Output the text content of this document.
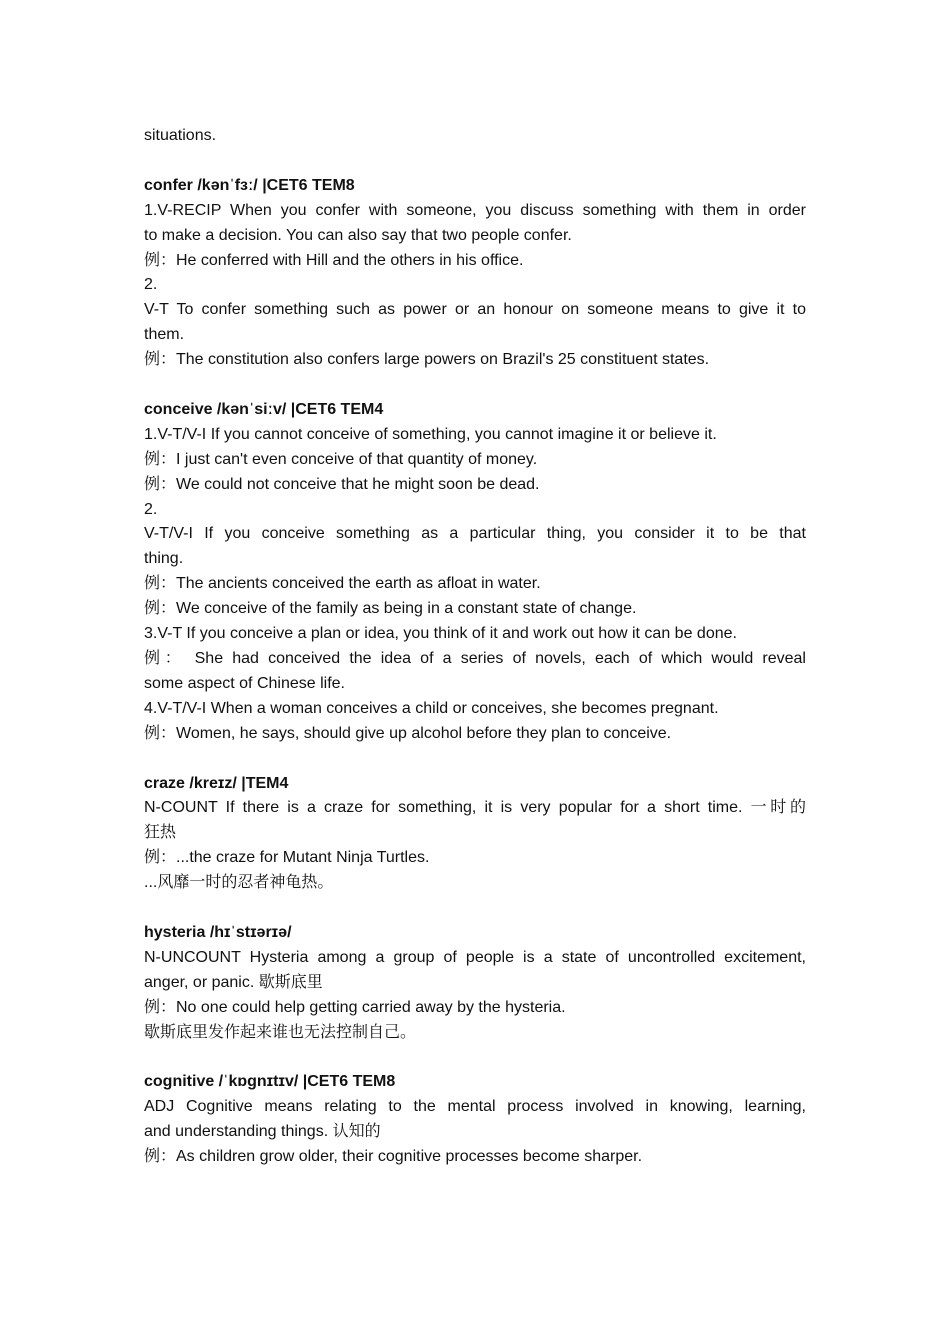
situations.
confer /kənˈfɜː/ |CET6 TEM8
1.V-RECIP When you confer with someone, you discuss something with them in order
to make a decision. You can also say that two people confer.
例：He conferred with Hill and the others in his office.
2.
V-T To confer something such as power or an honour on someone means to give it to
them.
例：The constitution also confers large powers on Brazil's 25 constituent states.
conceive /kənˈsiːv/ |CET6 TEM4
1.V-T/V-I If you cannot conceive of something, you cannot imagine it or believe it.
例：I just can't even conceive of that quantity of money.
例：We could not conceive that he might soon be dead.
2.
V-T/V-I If you conceive something as a particular thing, you consider it to be that
thing.
例：The ancients conceived the earth as afloat in water.
例：We conceive of the family as being in a constant state of change.
3.V-T If you conceive a plan or idea, you think of it and work out how it can be done.
例： She had conceived the idea of a series of novels, each of which would reveal
some aspect of Chinese life.
4.V-T/V-I When a woman conceives a child or conceives, she becomes pregnant.
例：Women, he says, should give up alcohol before they plan to conceive.
craze /kreɪz/ |TEM4
N-COUNT If there is a craze for something, it is very popular for a short time. 一时的
狂热
例：...the craze for Mutant Ninja Turtles.
...风靡一时的忍者神龟热。
hysteria /hɪˈstɪərɪə/
N-UNCOUNT Hysteria among a group of people is a state of uncontrolled excitement,
anger, or panic. 歇斯底里
例：No one could help getting carried away by the hysteria.
歇斯底里发作起来谁也无法控制自己。
cognitive /ˈkɒgnɪtɪv/ |CET6 TEM8
ADJ Cognitive means relating to the mental process involved in knowing, learning,
and understanding things. 认知的
例：As children grow older, their cognitive processes become sharper.
